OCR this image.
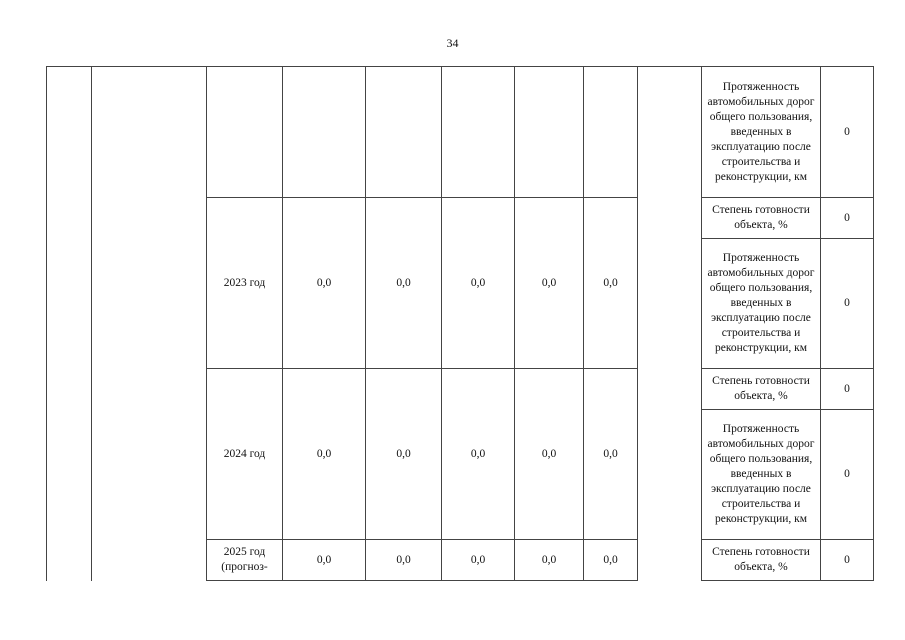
34
									Протяженность автомобильных дорог общего пользования, введенных в эксплуатацию после строительства и реконструкции, км	0
		2023 год	0,0	0,0	0,0	0,0	0,0		Степень готовности объекта, %	0
									Протяженность автомобильных дорог общего пользования, введенных в эксплуатацию после строительства и реконструкции, км	0
		2024 год	0,0	0,0	0,0	0,0	0,0		Степень готовности объекта, %	0
									Протяженность автомобильных дорог общего пользования, введенных в эксплуатацию после строительства и реконструкции, км	0
		2025 год (прогноз-	0,0	0,0	0,0	0,0	0,0		Степень готовности объекта, %	0
